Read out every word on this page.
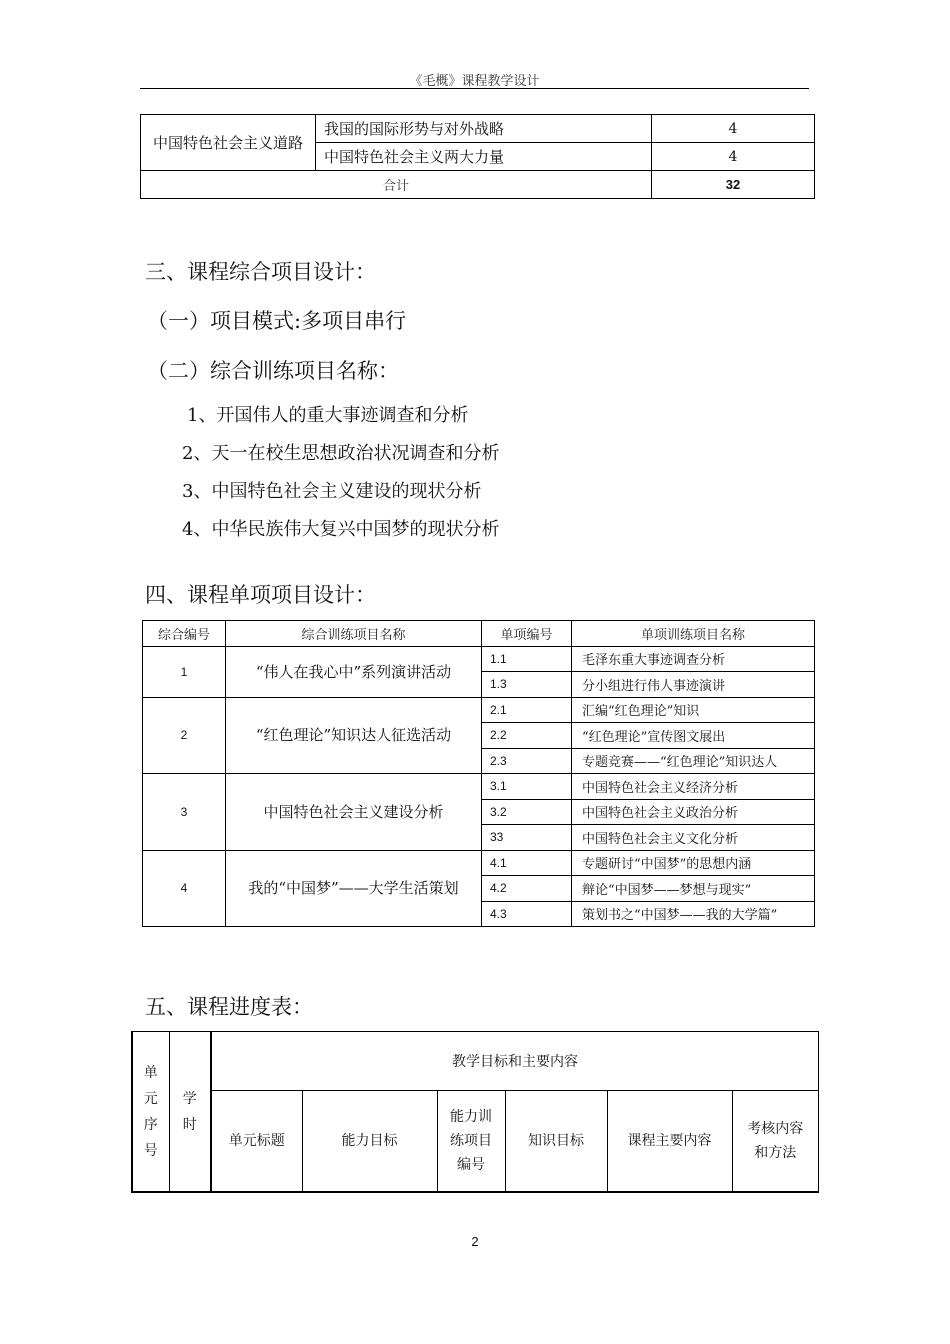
《毛概》课程教学设计
中国特色社会主义道路	我国的国际形势与对外战略	4
	中国特色社会主义两大力量	4
合计		32
三、课程综合项目设计：
（一）项目模式:多项目串行
（二）综合训练项目名称：
1、开国伟人的重大事迹调查和分析
2、天一在校生思想政治状况调查和分析
3、中国特色社会主义建设的现状分析
4、中华民族伟大复兴中国梦的现状分析
四、课程单项项目设计：
综合编号	综合训练项目名称	单项编号	单项训练项目名称
1	“伟人在我心中”系列演讲活动	1.1	毛泽东重大事迹调查分析
		1.3	分小组进行伟人事迹演讲
2	“红色理论”知识达人征选活动	2.1	汇编“红色理论”知识
		2.2	“红色理论”宣传图文展出
		2.3	专题竞赛——“红色理论”知识达人
3	中国特色社会主义建设分析	3.1	中国特色社会主义经济分析
		3.2	中国特色社会主义政治分析
		33	中国特色社会主义文化分析
4	我的“中国梦”——大学生活策划	4.1	专题研讨“中国梦”的思想内涵
		4.2	辩论“中国梦——梦想与现实”
		4.3	策划书之“中国梦——我的大学篇”
五、课程进度表：
单元序号	学时	教学目标和主要内容					
		单元标题	能力目标	能力训练项目编号	知识目标	课程主要内容	考核内容和方法
2
